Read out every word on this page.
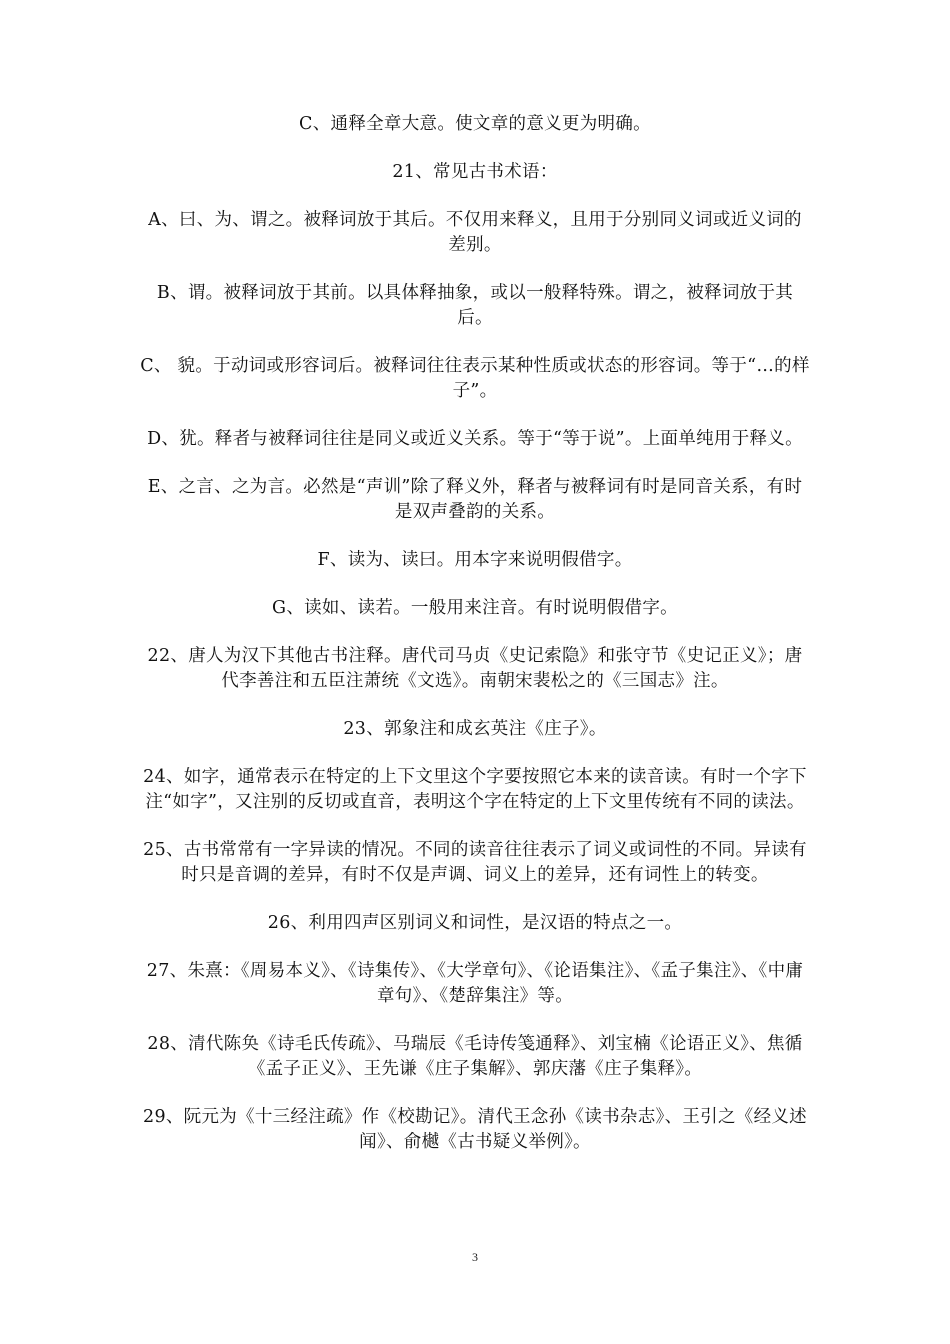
C、通释全章大意。使文章的意义更为明确。

21、常见古书术语：

A、曰、为、谓之。被释词放于其后。不仅用来释义，且用于分别同义词或近义词的差别。

B、谓。被释词放于其前。以具体释抽象，或以一般释特殊。谓之，被释词放于其后。

C、 貌。于动词或形容词后。被释词往往表示某种性质或状态的形容词。等于“…的样子”。

D、犹。释者与被释词往往是同义或近义关系。等于“等于说”。上面单纯用于释义。

E、之言、之为言。必然是“声训”除了释义外，释者与被释词有时是同音关系，有时是双声叠韵的关系。

F、读为、读曰。用本字来说明假借字。

G、读如、读若。一般用来注音。有时说明假借字。

22、唐人为汉下其他古书注释。唐代司马贞《史记索隐》和张守节《史记正义》；唐代李善注和五臣注萧统《文选》。南朝宋裴松之的《三国志》注。

23、郭象注和成玄英注《庄子》。

24、如字，通常表示在特定的上下文里这个字要按照它本来的读音读。有时一个字下注“如字”，又注别的反切或直音，表明这个字在特定的上下文里传统有不同的读法。

25、古书常常有一字异读的情况。不同的读音往往表示了词义或词性的不同。异读有时只是音调的差异，有时不仅是声调、词义上的差异，还有词性上的转变。

26、利用四声区别词义和词性，是汉语的特点之一。

27、朱熹：《周易本义》、《诗集传》、《大学章句》、《论语集注》、《孟子集注》、《中庸章句》、《楚辞集注》等。

28、清代陈奂《诗毛氏传疏》、马瑞辰《毛诗传笺通释》、刘宝楠《论语正义》、焦循《孟子正义》、王先谦《庄子集解》、郭庆藩《庄子集释》。

29、阮元为《十三经注疏》作《校勘记》。清代王念孙《读书杂志》、王引之《经义述闻》、俞樾《古书疑义举例》。

3
